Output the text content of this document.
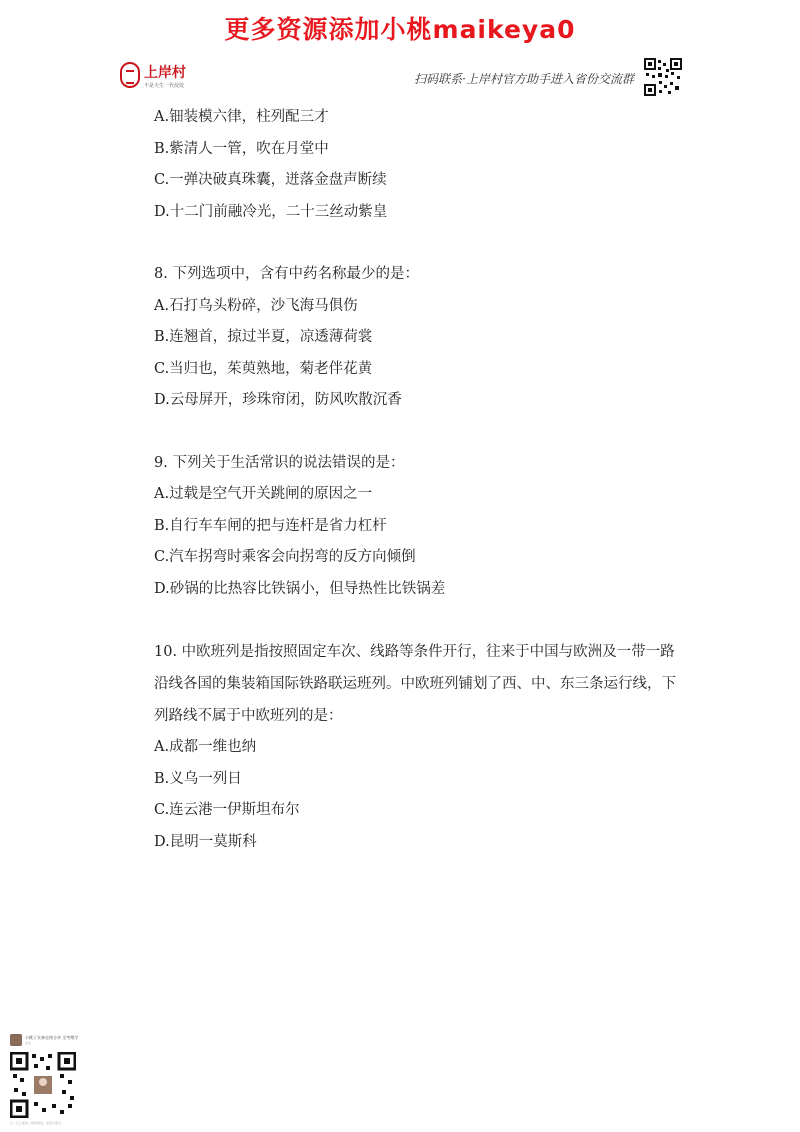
更多资源添加小桃maikeya0
上岸村
不是天生一代佼佼	扫码联系·上岸村官方助手进入省份交流群
A.钿装模六律，柱列配三才
B.紫清人一管，吹在月堂中
C.一弹决破真珠囊，迸落金盘声断续
D.十二门前融冷光，二十三丝动紫皇
8. 下列选项中，含有中药名称最少的是：
A.石打乌头粉碎，沙飞海马俱伤
B.连翘首，掠过半夏，凉透薄荷裳
C.当归也，茱萸熟地，菊老伴花黄
D.云母屏开，珍珠帘闭，防风吹散沉香
9. 下列关于生活常识的说法错误的是：
A.过载是空气开关跳闸的原因之一
B.自行车车闸的把与连杆是省力杠杆
C.汽车拐弯时乘客会向拐弯的反方向倾倒
D.砂锅的比热容比铁锅小，但导热性比铁锅差
10. 中欧班列是指按照固定车次、线路等条件开行，往来于中国与欧洲及一带一路沿线各国的集装箱国际铁路联运班列。中欧班列铺划了西、中、东三条运行线，下列路线不属于中欧班列的是：
A.成都一维也纳
B.义乌一列日
C.连云港一伊斯坦布尔
D.昆明一莫斯科
小桃子女神在线分享 全考增学
企业
扫一扫上面的二维码图案，加我为朋友。
